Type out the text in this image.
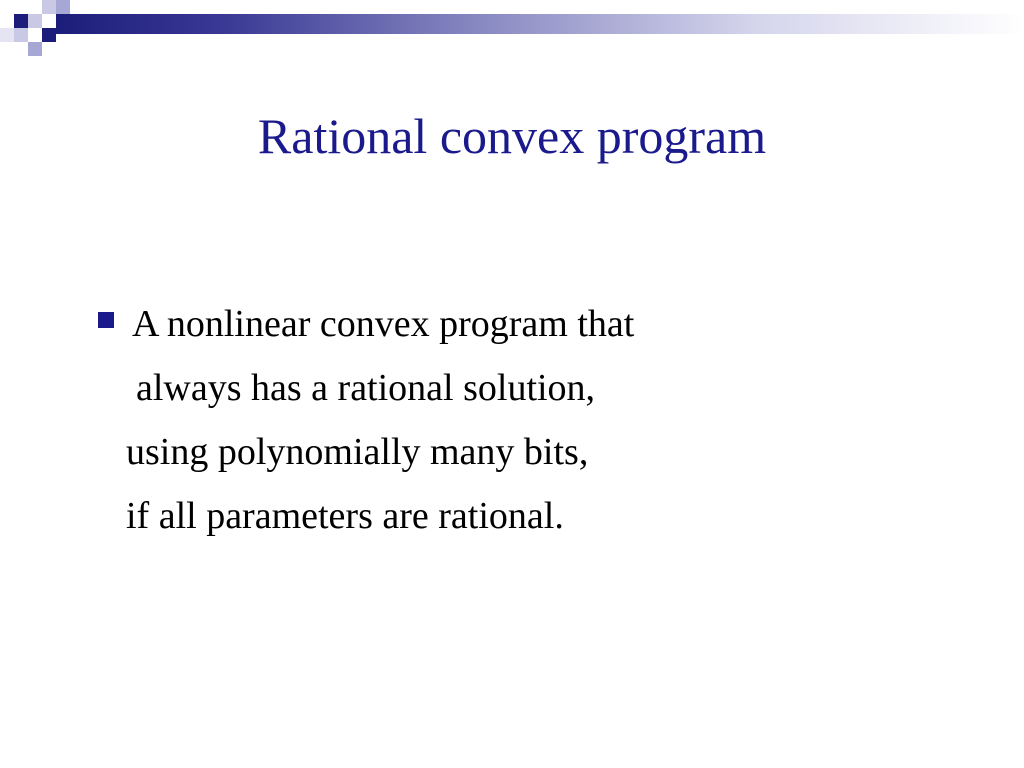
Rational convex program
A nonlinear convex program that
always has a rational solution,
using polynomially many bits,
if all parameters are rational.
